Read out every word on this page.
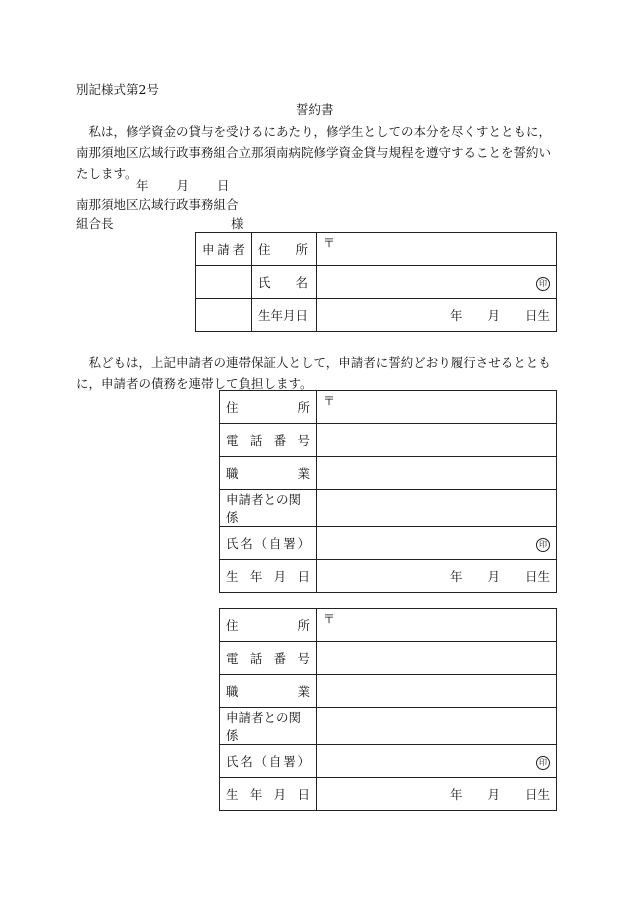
別記様式第2号
誓約書
私は，修学資金の貸与を受けるにあたり，修学生としての本分を尽くすとともに，南那須地区広域行政事務組合立那須南病院修学資金貸与規程を遵守することを誓約いたします。
年　　月　　日
南那須地区広域行政事務組合
組合長	様
申請者	住　　所	〒
	氏　　名	印
	生年月日	年　　月　　日生
私どもは，上記申請者の連帯保証人として，申請者に誓約どおり履行させるとともに，申請者の債務を連帯して負担します。
住　　所	〒
電話番号	
職　　業	
申請者との関係	
氏名（自署）	印
生年月日	年　　月　　日生
住　　所	〒
電話番号	
職　　業	
申請者との関係	
氏名（自署）	印
生年月日	年　　月　　日生
